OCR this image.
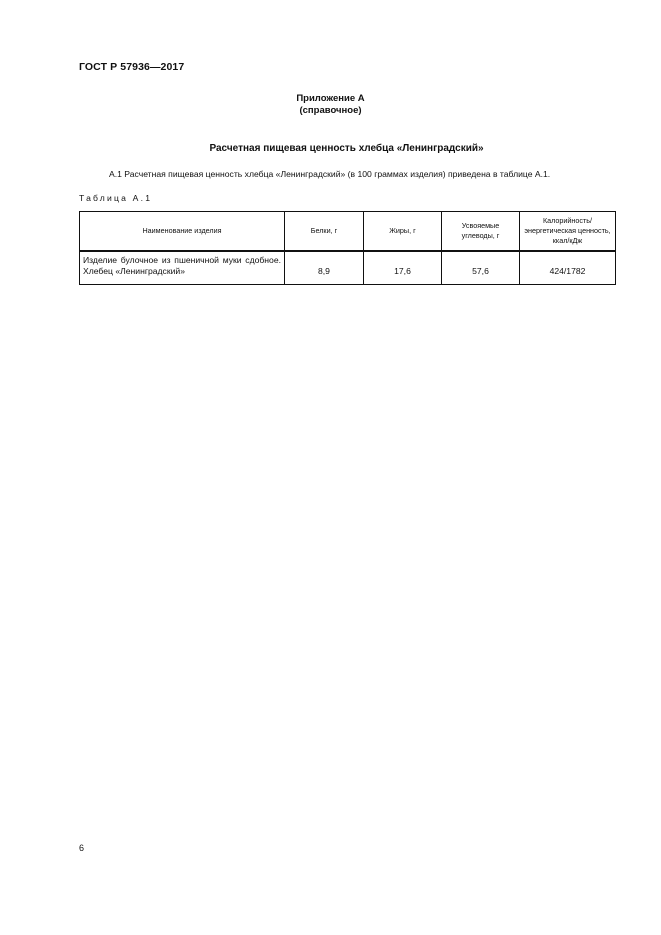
ГОСТ Р 57936—2017
Приложение А
(справочное)
Расчетная пищевая ценность хлебца «Ленинградский»
А.1 Расчетная пищевая ценность хлебца «Ленинградский» (в 100 граммах изделия) приведена в таблице А.1.
Таблица А.1
Наименование изделия	Белки, г	Жиры, г	Усвояемые углеводы, г	Калорийность/ энергетическая ценность, ккал/кДж
Изделие булочное из пшеничной муки сдобное. Хлебец «Ленинградский»	8,9	17,6	57,6	424/1782
6
